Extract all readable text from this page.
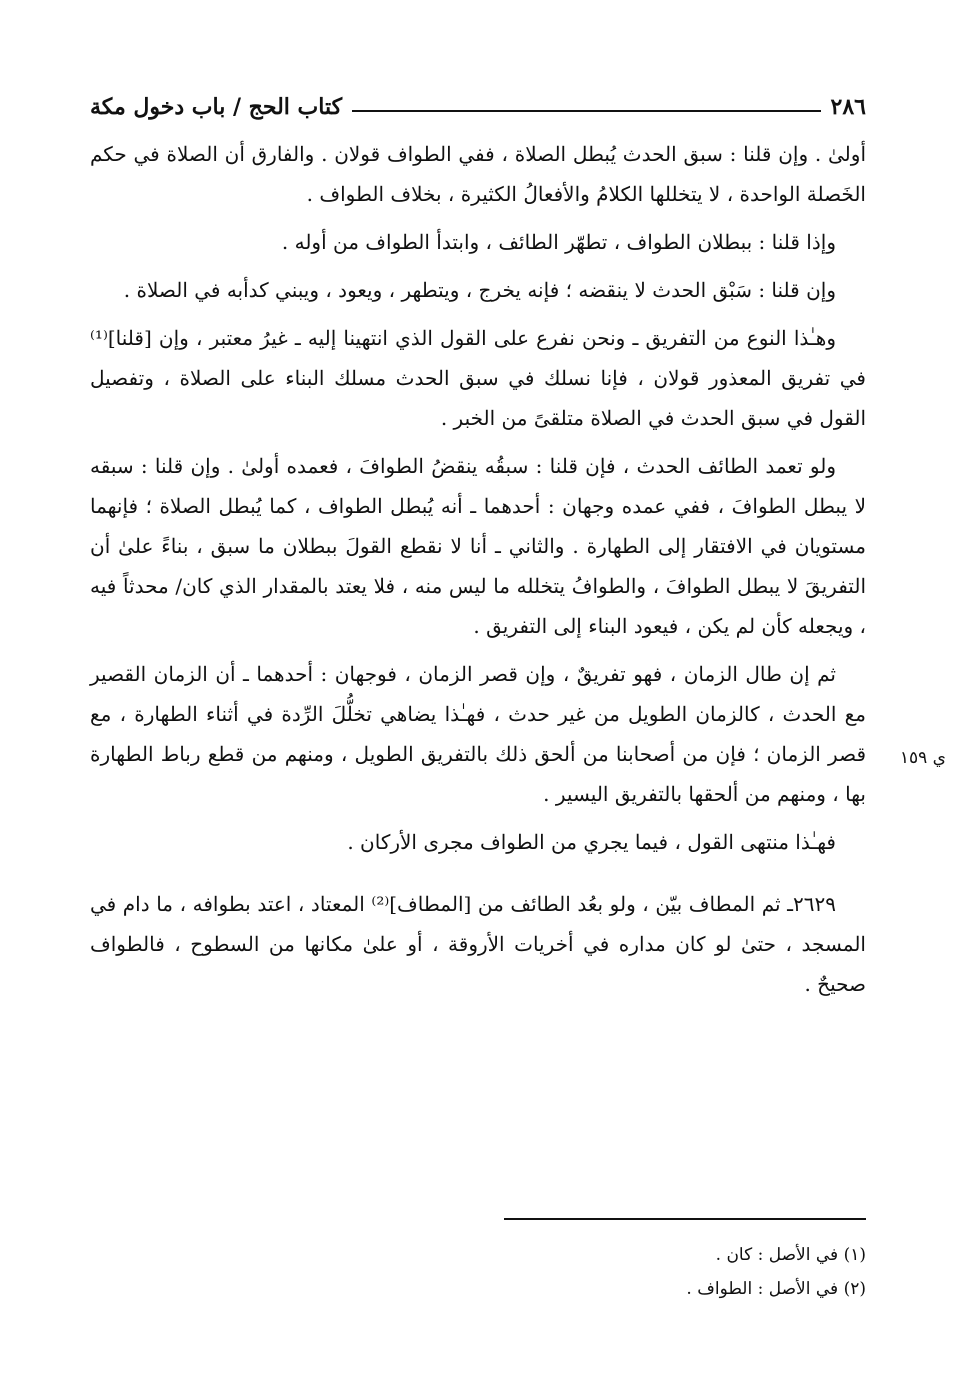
٢٨٦
كتاب الحج / باب دخول مكة

أولىٰ . وإن قلنا : سبق الحدث يُبطل الصلاة ، ففي الطواف قولان . والفارق أن الصلاة في حكم الخَصلة الواحدة ، لا يتخللها الكلامُ والأفعالُ الكثيرة ، بخلاف الطواف .

وإذا قلنا : ببطلان الطواف ، تطهّر الطائف ، وابتدأ الطواف من أوله .

وإن قلنا : سَبْق الحدث لا ينقضه ؛ فإنه يخرج ، ويتطهر ، ويعود ، ويبني كدأبه في الصلاة .

وهـٰذا النوع من التفريق ـ ونحن نفرع على القول الذي انتهينا إليه ـ غيرُ معتبر ، وإن [قلنا]⁽¹⁾ في تفريق المعذور قولان ، فإنا نسلك في سبق الحدث مسلك البناء على الصلاة ، وتفصيل القول في سبق الحدث في الصلاة متلقىً من الخبر .

ولو تعمد الطائف الحدث ، فإن قلنا : سبقُه ينقضُ الطوافَ ، فعمده أولىٰ . وإن قلنا : سبقه لا يبطل الطوافَ ، ففي عمده وجهان : أحدهما ـ أنه يُبطل الطواف ، كما يُبطل الصلاة ؛ فإنهما مستويان في الافتقار إلى الطهارة . والثاني ـ أنا لا نقطع القولَ ببطلان ما سبق ، بناءً علىٰ أن التفريقَ لا يبطل الطوافَ ، والطوافُ يتخلله ما ليس منه ، فلا يعتد بالمقدار الذي كان/ محدثاً فيه ، ويجعله كأن لم يكن ، فيعود البناء إلى التفريق .

ثم إن طال الزمان ، فهو تفريقٌ ، وإن قصر الزمان ، فوجهان : أحدهما ـ أن الزمان القصير مع الحدث ، كالزمان الطويل من غير حدث ، فهـٰذا يضاهي تخلُّلَ الرِّدة في أثناء الطهارة ، مع قصر الزمان ؛ فإن من أصحابنا من ألحق ذلك بالتفريق الطويل ، ومنهم من قطع رباط الطهارة بها ، ومنهم من ألحقها بالتفريق اليسير .

فهـٰذا منتهى القول ، فيما يجري من الطواف مجرى الأركان .

٢٦٢٩ـ ثم المطاف بيّن ، ولو بعُد الطائف من [المطاف]⁽²⁾ المعتاد ، اعتد بطوافه ، ما دام في المسجد ، حتىٰ لو كان مداره في أخريات الأروقة ، أو علىٰ مكانها من السطوح ، فالطواف صحيحٌ .

ي ١٥٩
(١) في الأصل : كان .
(٢) في الأصل : الطواف .
